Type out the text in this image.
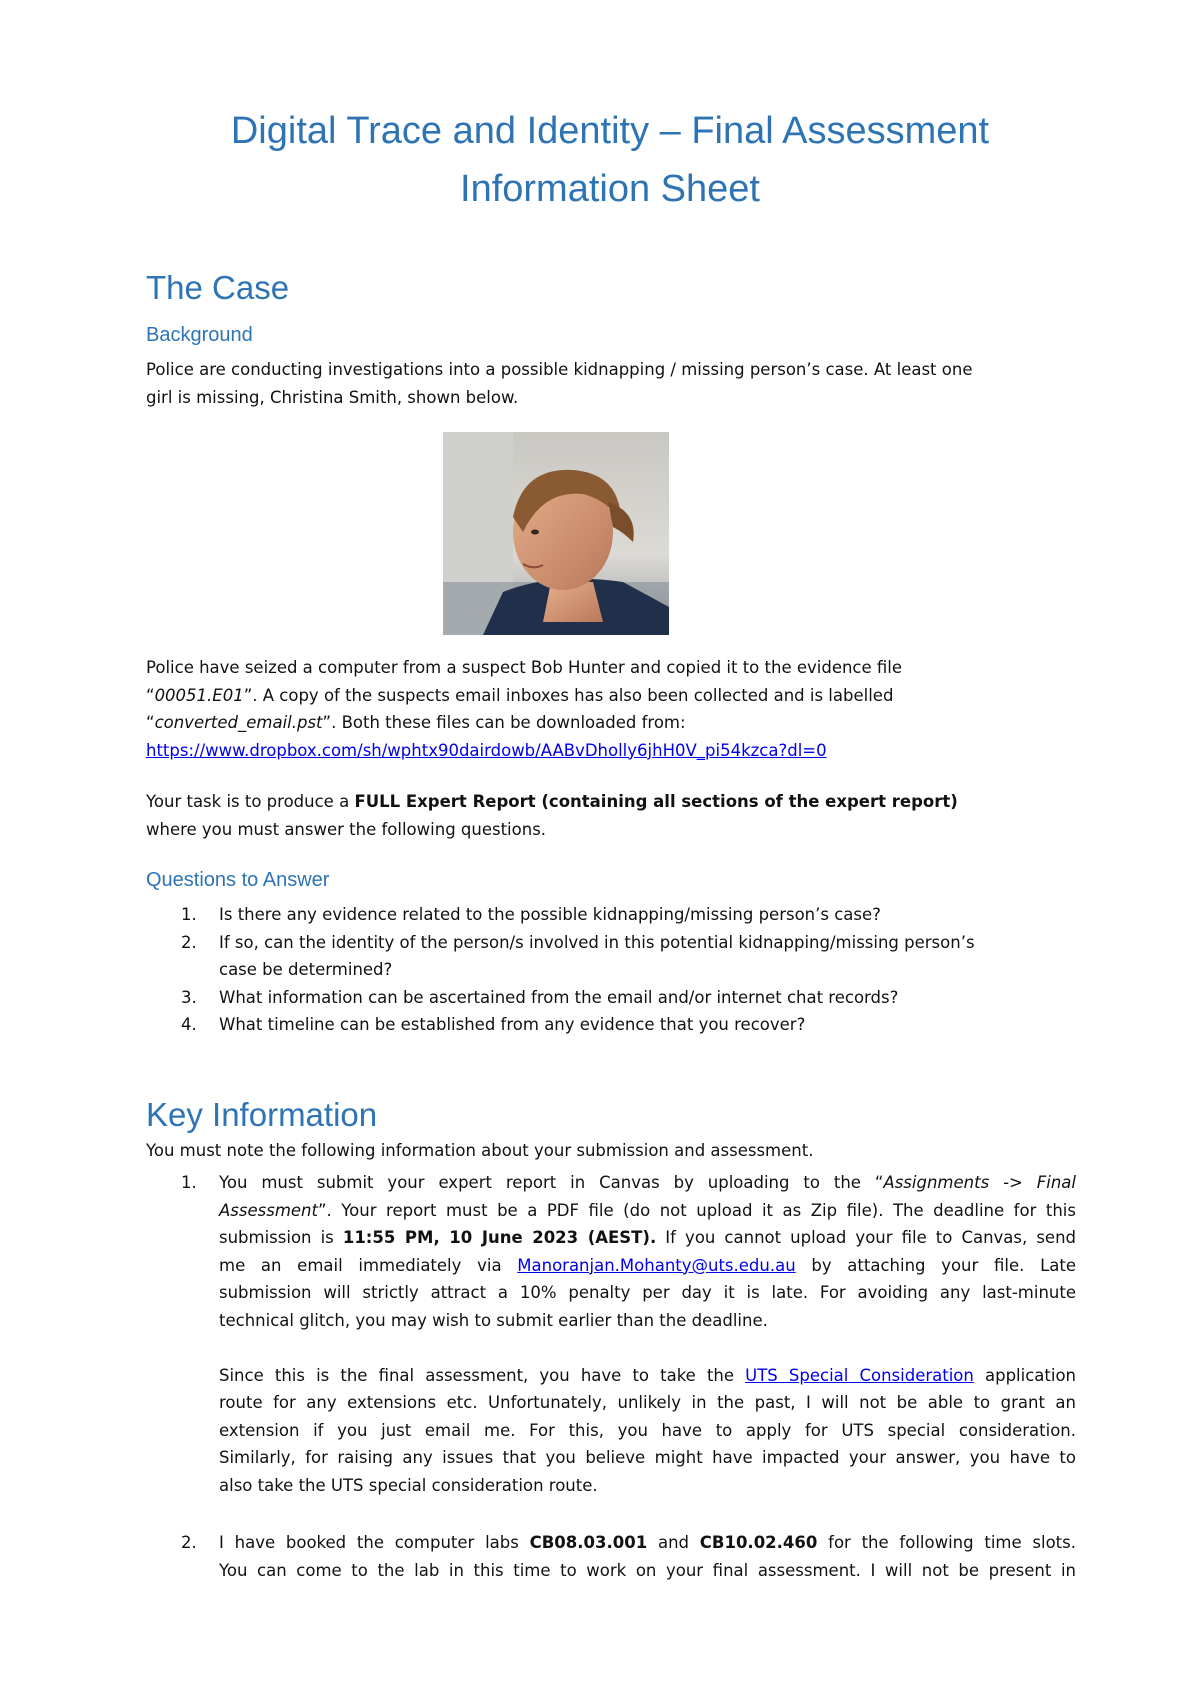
Digital Trace and Identity – Final Assessment
Information Sheet
The Case
Background

Police are conducting investigations into a possible kidnapping / missing person’s case. At least one
girl is missing, Christina Smith, shown below.

Police have seized a computer from a suspect Bob Hunter and copied it to the evidence file
“00051.E01”. A copy of the suspects email inboxes has also been collected and is labelled
“converted_email.pst”. Both these files can be downloaded from:
https://www.dropbox.com/sh/wphtx90dairdowb/AABvDholly6jhH0V_pi54kzca?dl=0

Your task is to produce a FULL Expert Report (containing all sections of the expert report)
where you must answer the following questions.

Questions to Answer
1. Is there any evidence related to the possible kidnapping/missing person’s case?
2. If so, can the identity of the person/s involved in this potential kidnapping/missing person’s
case be determined?
3. What information can be ascertained from the email and/or internet chat records?
4. What timeline can be established from any evidence that you recover?
Key Information

You must note the following information about your submission and assessment.

1. You must submit your expert report in Canvas by uploading to the “Assignments -> Final
Assessment”. Your report must be a PDF file (do not upload it as Zip file). The deadline for this
submission is 11:55 PM, 10 June 2023 (AEST). If you cannot upload your file to Canvas, send
me an email immediately via Manoranjan.Mohanty@uts.edu.au by attaching your file. Late
submission will strictly attract a 10% penalty per day it is late. For avoiding any last-minute
technical glitch, you may wish to submit earlier than the deadline.

Since this is the final assessment, you have to take the UTS Special Consideration application
route for any extensions etc. Unfortunately, unlikely in the past, I will not be able to grant an
extension if you just email me. For this, you have to apply for UTS special consideration.
Similarly, for raising any issues that you believe might have impacted your answer, you have to
also take the UTS special consideration route.
2. I have booked the computer labs CB08.03.001 and CB10.02.460 for the following time slots.
You can come to the lab in this time to work on your final assessment. I will not be present in
